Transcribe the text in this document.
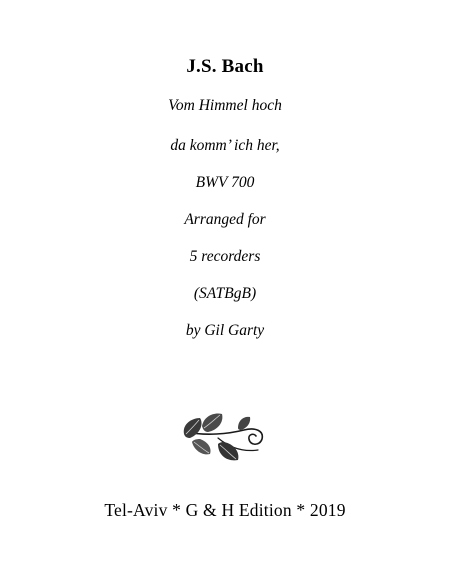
J.S. Bach
Vom Himmel hoch
da komm’ ich her,
BWV 700
Arranged for
5 recorders
(SATBgB)
by Gil Garty
Tel-Aviv * G & H Edition * 2019
